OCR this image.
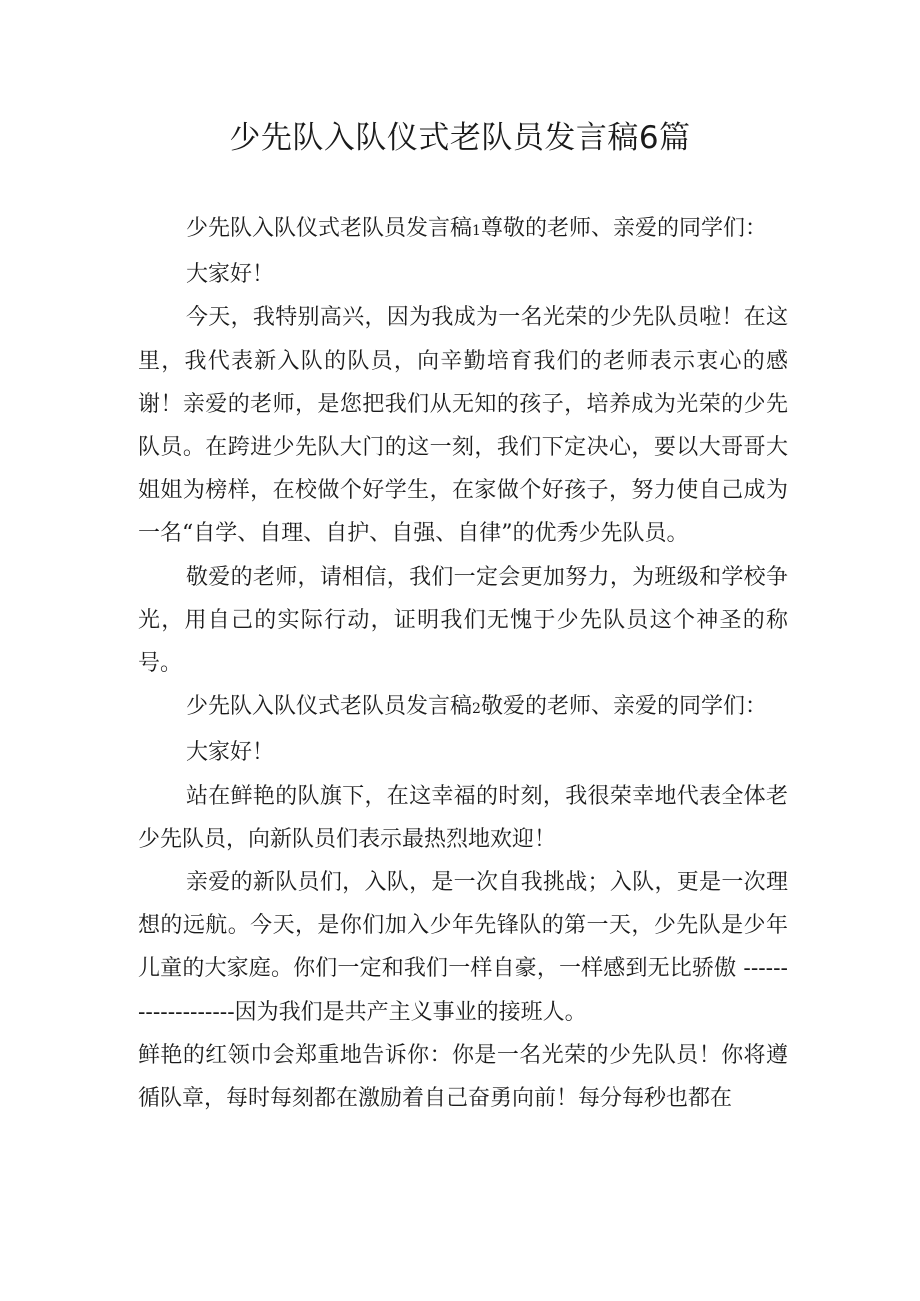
少先队入队仪式老队员发言稿6篇

少先队入队仪式老队员发言稿1尊敬的老师、亲爱的同学们：

大家好！

今天，我特别高兴，因为我成为一名光荣的少先队员啦！在这里，我代表新入队的队员，向辛勤培育我们的老师表示衷心的感谢！亲爱的老师，是您把我们从无知的孩子，培养成为光荣的少先队员。在跨进少先队大门的这一刻，我们下定决心，要以大哥哥大姐姐为榜样，在校做个好学生，在家做个好孩子，努力使自己成为一名“自学、自理、自护、自强、自律”的优秀少先队员。

敬爱的老师，请相信，我们一定会更加努力，为班级和学校争光，用自己的实际行动，证明我们无愧于少先队员这个神圣的称号。

少先队入队仪式老队员发言稿2敬爱的老师、亲爱的同学们：

大家好！

站在鲜艳的队旗下，在这幸福的时刻，我很荣幸地代表全体老少先队员，向新队员们表示最热烈地欢迎！

亲爱的新队员们，入队，是一次自我挑战；入队，更是一次理想的远航。今天，是你们加入少年先锋队的第一天，少先队是少年儿童的大家庭。你们一定和我们一样自豪，一样感到无比骄傲 -------------------因为我们是共产主义事业的接班人。

鲜艳的红领巾会郑重地告诉你：你是一名光荣的少先队员！你将遵循队章，每时每刻都在激励着自己奋勇向前！每分每秒也都在
